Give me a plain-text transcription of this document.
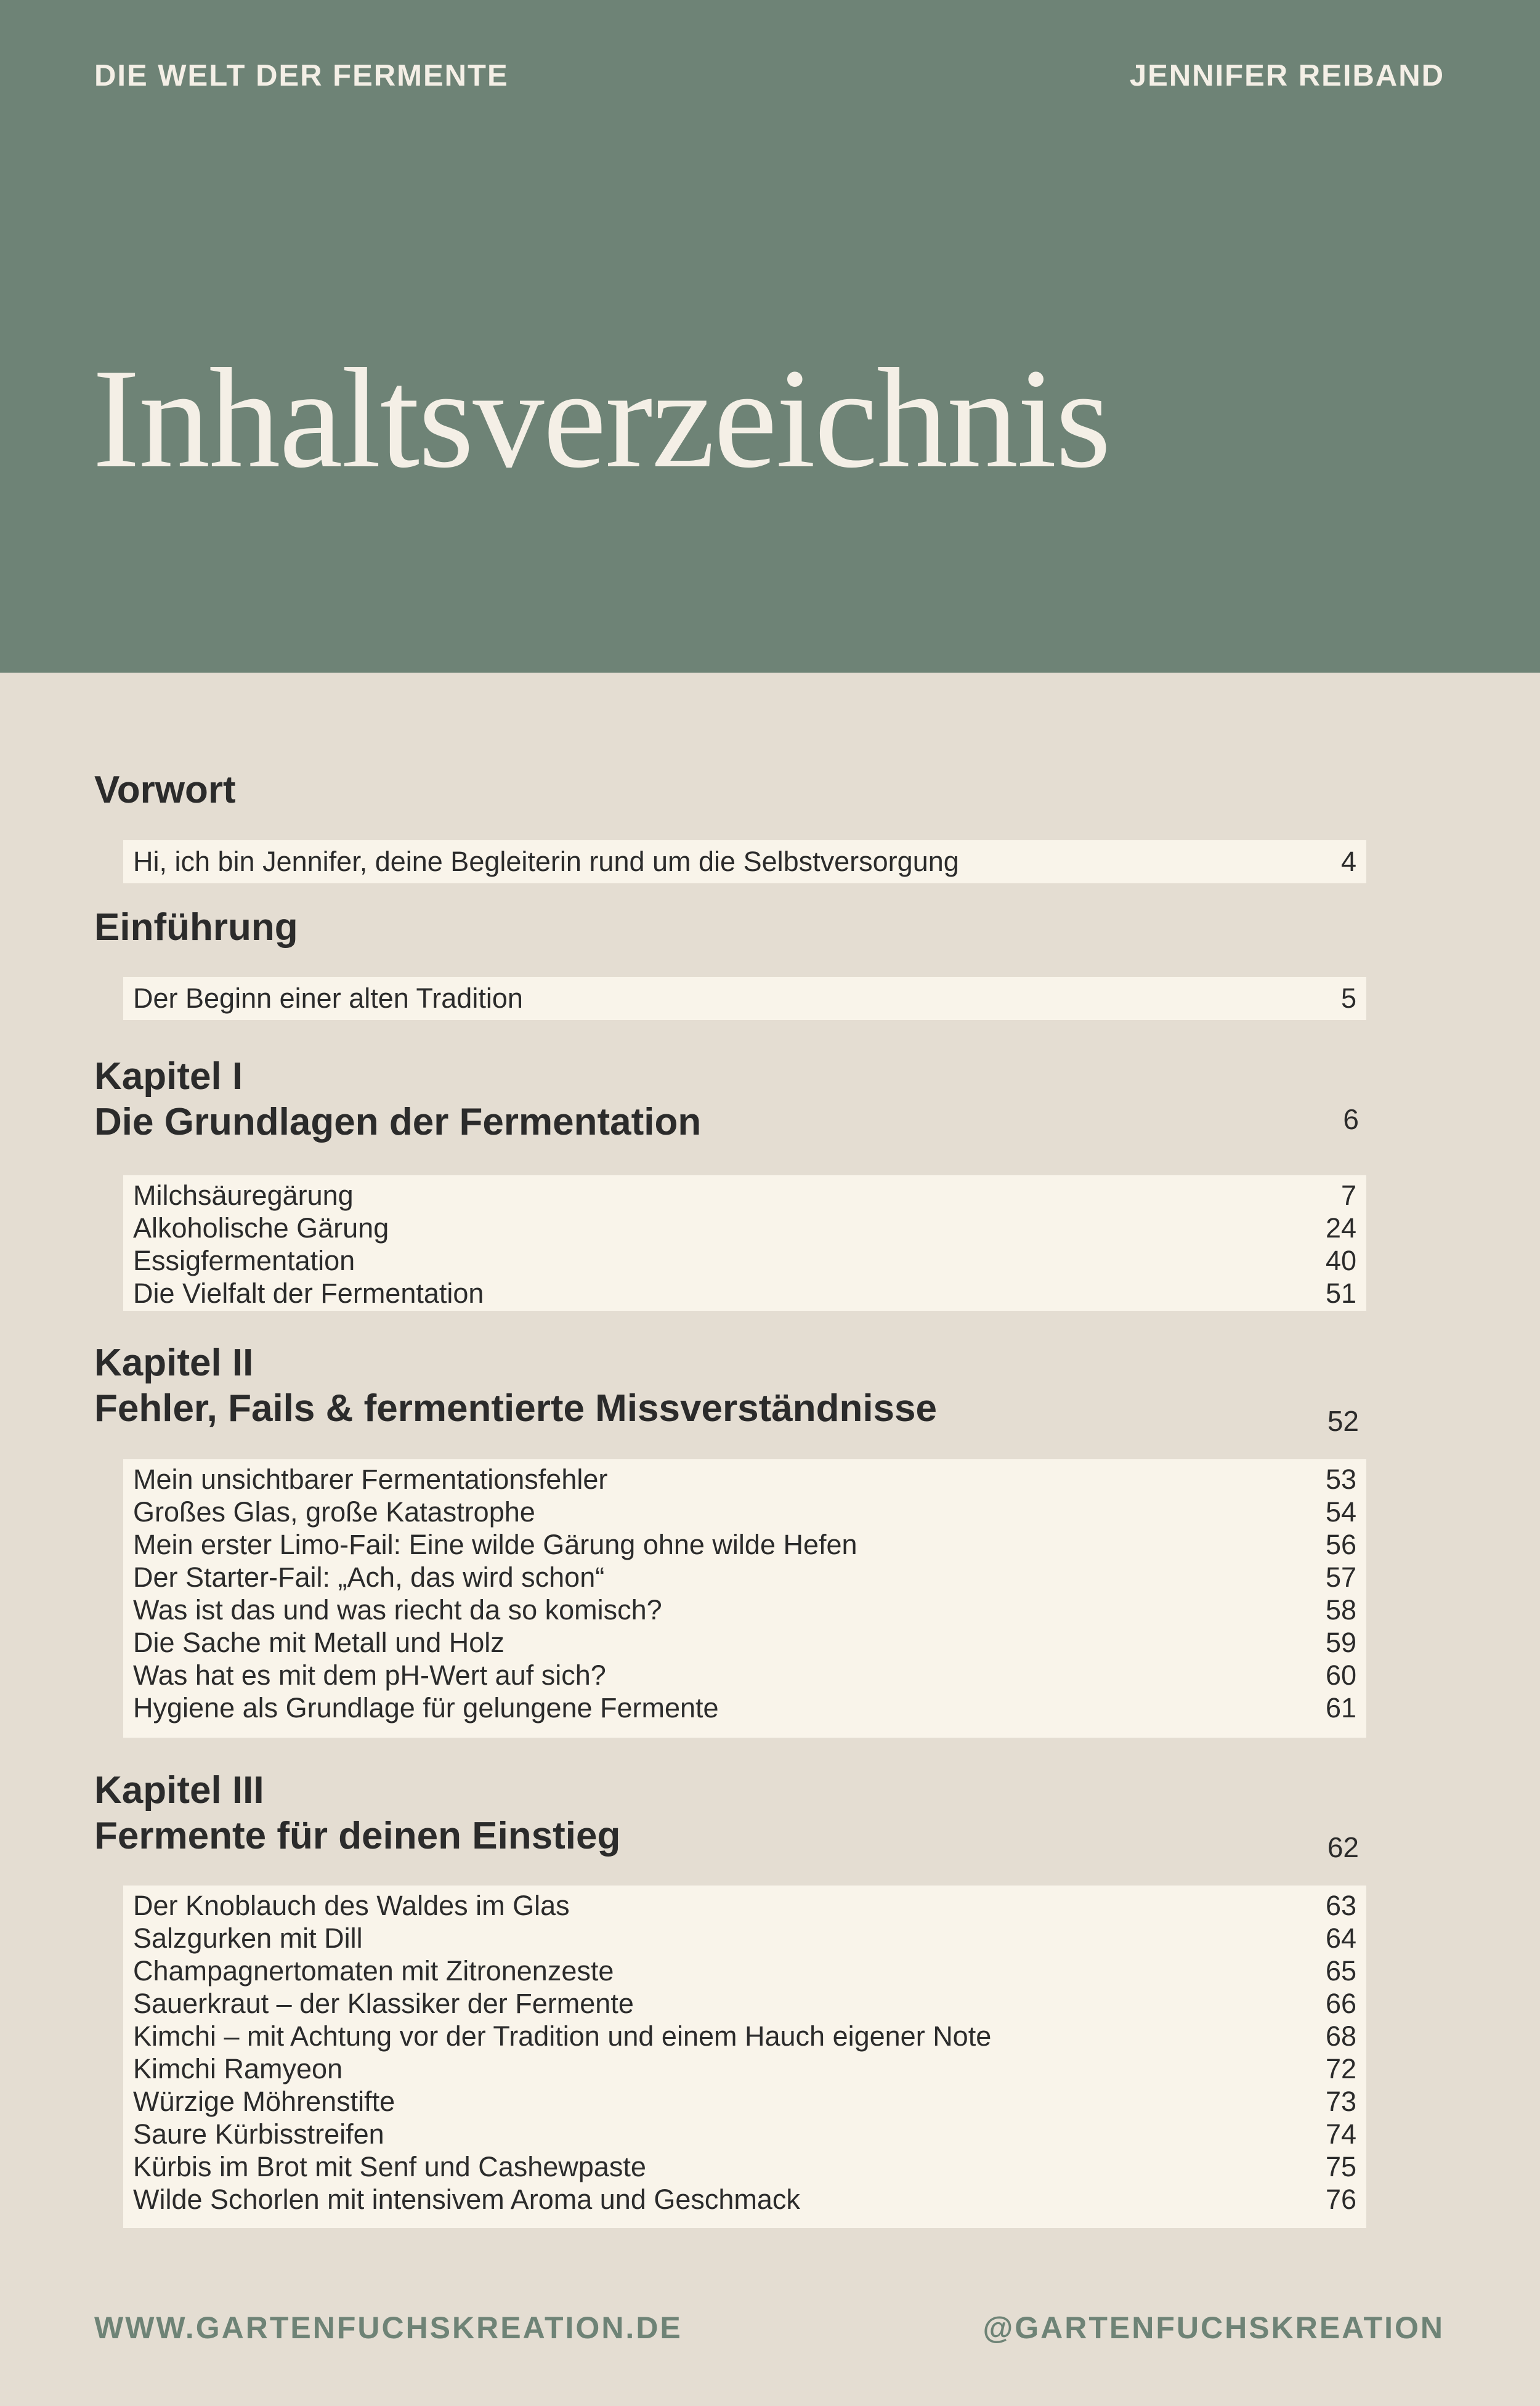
DIE WELT DER FERMENTE	JENNIFER REIBAND
Inhaltsverzeichnis
Vorwort
Hi, ich bin Jennifer, deine Begleiterin rund um die Selbstversorgung	4
Einführung
Der Beginn einer alten Tradition	5
Kapitel I
Die Grundlagen der Fermentation	6
Milchsäuregärung	7
Alkoholische Gärung	24
Essigfermentation	40
Die Vielfalt der Fermentation	51
Kapitel II
Fehler, Fails & fermentierte Missverständnisse	52
Mein unsichtbarer Fermentationsfehler	53
Großes Glas, große Katastrophe	54
Mein erster Limo-Fail: Eine wilde Gärung ohne wilde Hefen	56
Der Starter-Fail: „Ach, das wird schon“	57
Was ist das und was riecht da so komisch?	58
Die Sache mit Metall und Holz	59
Was hat es mit dem pH-Wert auf sich?	60
Hygiene als Grundlage für gelungene Fermente	61
Kapitel III
Fermente für deinen Einstieg	62
Der Knoblauch des Waldes im Glas	63
Salzgurken mit Dill	64
Champagnertomaten mit Zitronenzeste	65
Sauerkraut – der Klassiker der Fermente	66
Kimchi – mit Achtung vor der Tradition und einem Hauch eigener Note	68
Kimchi Ramyeon	72
Würzige Möhrenstifte	73
Saure Kürbisstreifen	74
Kürbis im Brot mit Senf und Cashewpaste	75
Wilde Schorlen mit intensivem Aroma und Geschmack	76
WWW.GARTENFUCHSKREATION.DE	@GARTENFUCHSKREATION
